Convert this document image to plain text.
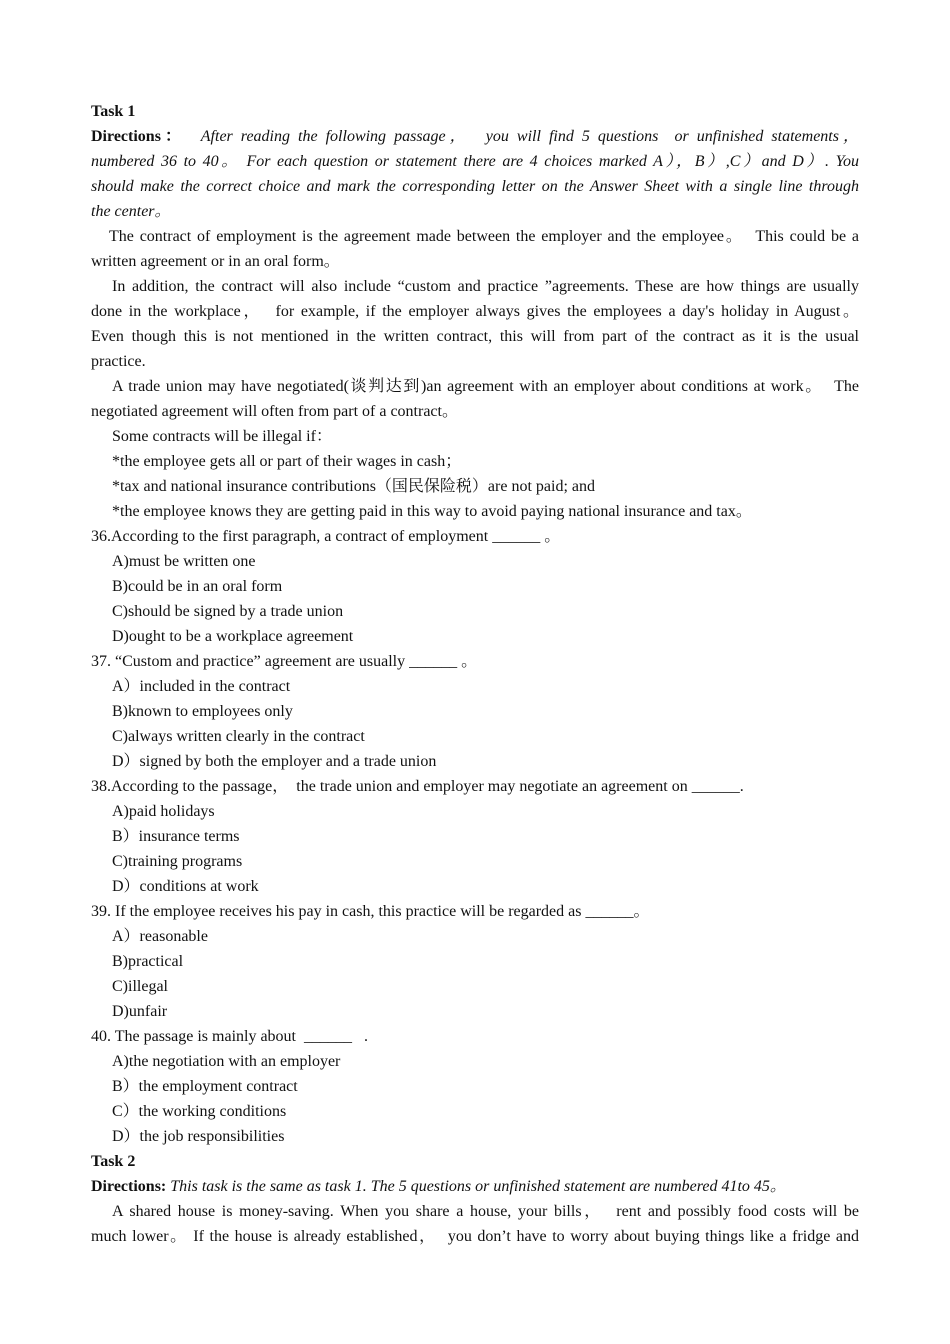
Task 1

Directions：  After reading the following passage，  you will find 5 questions  or unfinished statements，

numbered 36 to 40。 For each question or statement there are 4 choices marked A），B）,C）and D）. You

should make the correct choice and mark the corresponding letter on the Answer Sheet with a single line through

the center。

The contract of employment is the agreement made between the employer and the employee。  This could be a

written agreement or in an oral form。

In addition, the contract will also include “custom and practice ”agreements. These are how things are usually

done in the workplace，  for example, if the employer always gives the employees a day's holiday in August。

Even though this is not mentioned in the written contract, this will from part of the contract as it is the usual

practice.

A trade union may have negotiated(谈判达到)an agreement with an employer about conditions at work。  The

negotiated agreement will often from part of a contract。

Some contracts will be illegal if：

*the employee gets all or part of their wages in cash；

*tax and national insurance contributions（国民保险税）are not paid; and

*the employee knows they are getting paid in this way to avoid paying national insurance and tax。

36.According to the first paragraph, a contract of employment ______ 。

A)must be written one

B)could be in an oral form

C)should be signed by a trade union

D)ought to be a workplace agreement

37. “Custom and practice” agreement are usually ______ 。

A）included in the contract

B)known to employees only

C)always written clearly in the contract

D）signed by both the employer and a trade union

38.According to the passage，  the trade union and employer may negotiate an agreement on ______.

A)paid holidays

B）insurance terms

C)training programs

D）conditions at work

39. If the employee receives his pay in cash, this practice will be regarded as ______。

A）reasonable

B)practical

C)illegal

D)unfair

40. The passage is mainly about  ______   .

A)the negotiation with an employer

B）the employment contract

C）the working conditions

D）the job responsibilities

Task 2

Directions: This task is the same as task 1. The 5 questions or unfinished statement are numbered 41to 45。

A shared house is money-saving. When you share a house, your bills，  rent and possibly food costs will be

much lower。 If the house is already established，  you don’t have to worry about buying things like a fridge and
